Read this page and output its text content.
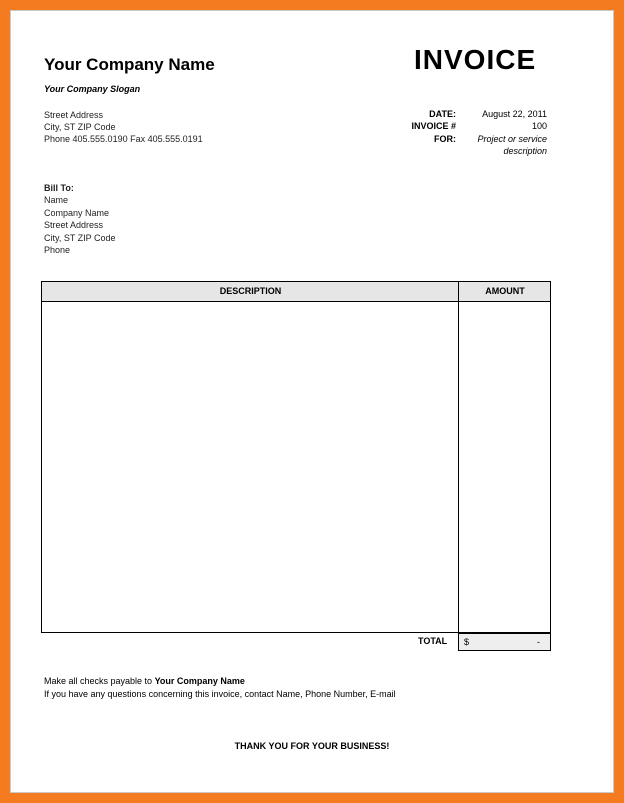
Your Company Name
Your Company Slogan
INVOICE
Street Address
City, ST ZIP Code
Phone 405.555.0190 Fax 405.555.0191
DATE:	August 22, 2011
INVOICE #	100
FOR:	Project or service
description
Bill To:
Name
Company Name
Street Address
City, ST ZIP Code
Phone
DESCRIPTION	AMOUNT
TOTAL $	-
Make all checks payable to Your Company Name
If you have any questions concerning this invoice, contact Name, Phone Number, E-mail
THANK YOU FOR YOUR BUSINESS!
